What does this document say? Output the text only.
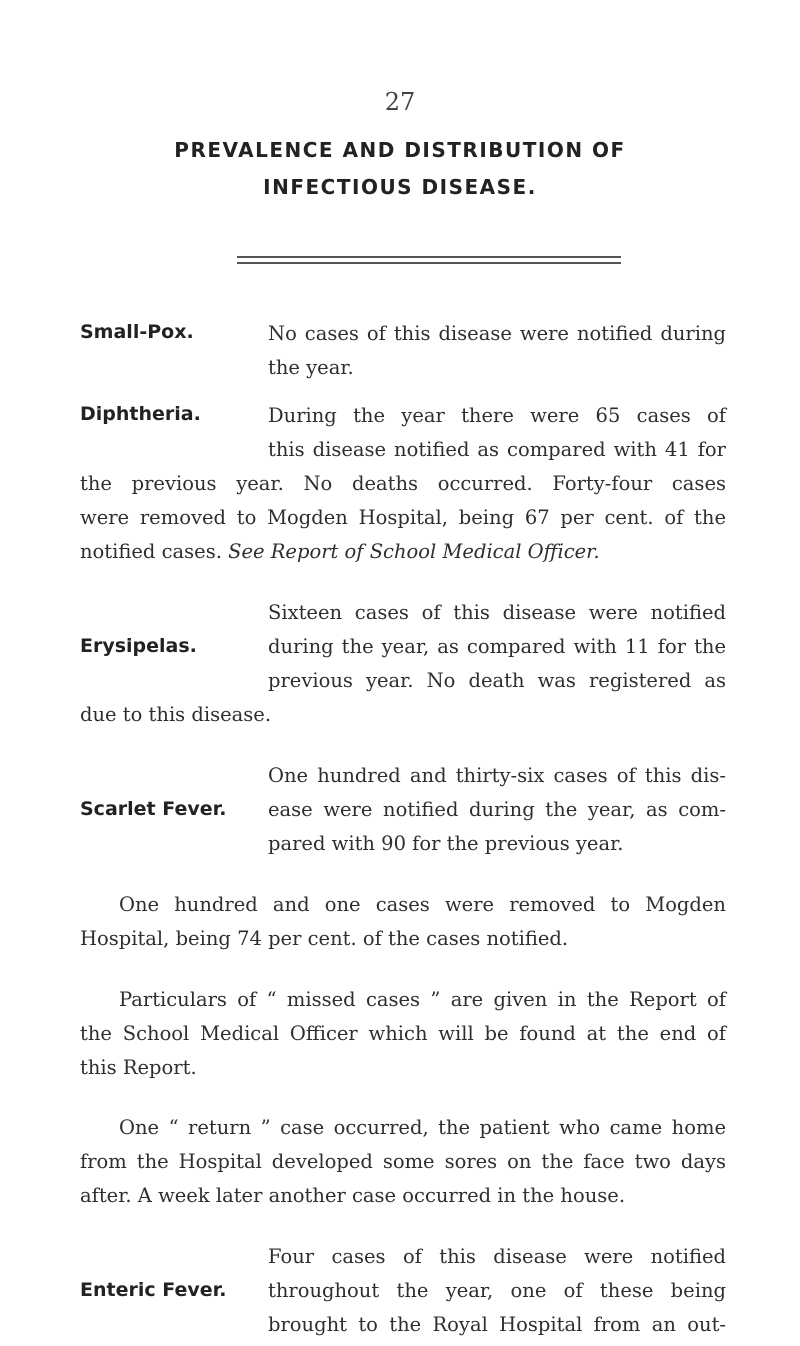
27
PREVALENCE AND DISTRIBUTION OF
INFECTIOUS DISEASE.
Small-Pox.	No cases of this disease were notified during
the year.
Diphtheria.	During the year there were 65 cases of
this disease notified as compared with 41 for
the previous year. No deaths occurred. Forty-four cases
were removed to Mogden Hospital, being 67 per cent. of the
notified cases. See Report of School Medical Officer.
Sixteen cases of this disease were notified
Erysipelas.	during the year, as compared with 11 for the
previous year. No death was registered as
due to this disease.
One hundred and thirty-six cases of this dis-
Scarlet Fever. ease were notified during the year, as com-
pared with 90 for the previous year.
One hundred and one cases were removed to Mogden
Hospital, being 74 per cent. of the cases notified.
Particulars of “ missed cases ” are given in the Report of
the School Medical Officer which will be found at the end of
this Report.
One “ return ” case occurred, the patient who came home
from the Hospital developed some sores on the face two days
after. A week later another case occurred in the house.
Four cases of this disease were notified
Enteric Fever. throughout the year, one of these being
brought to the Royal Hospital from an out-
